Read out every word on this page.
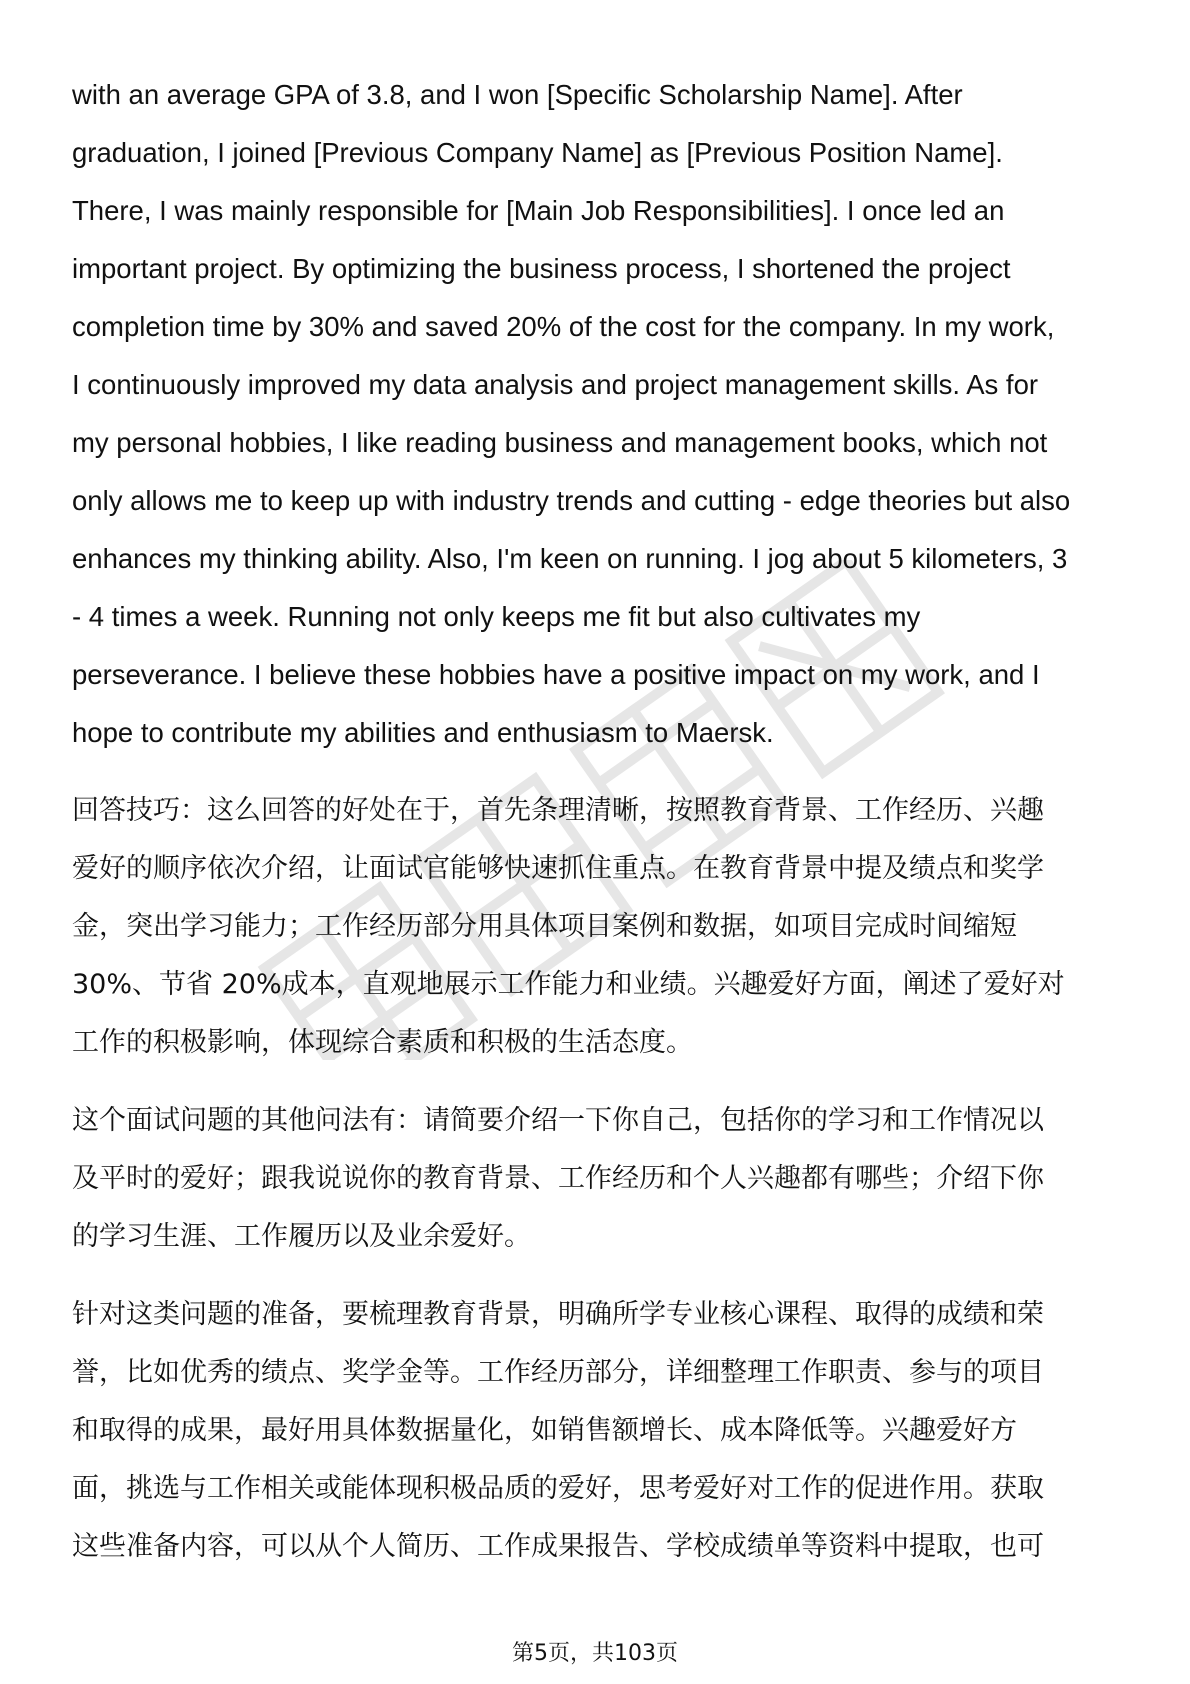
with an average GPA of 3.8, and I won [Specific Scholarship Name]. After
graduation, I joined [Previous Company Name] as [Previous Position Name].
There, I was mainly responsible for [Main Job Responsibilities]. I once led an
important project. By optimizing the business process, I shortened the project
completion time by 30% and saved 20% of the cost for the company. In my work,
I continuously improved my data analysis and project management skills. As for
my personal hobbies, I like reading business and management books, which not
only allows me to keep up with industry trends and cutting - edge theories but also
enhances my thinking ability. Also, I'm keen on running. I jog about 5 kilometers, 3
- 4 times a week. Running not only keeps me fit but also cultivates my
perseverance. I believe these hobbies have a positive impact on my work, and I
hope to contribute my abilities and enthusiasm to Maersk.

回答技巧：这么回答的好处在于，首先条理清晰，按照教育背景、工作经历、兴趣
爱好的顺序依次介绍，让面试官能够快速抓住重点。在教育背景中提及绩点和奖学
金，突出学习能力；工作经历部分用具体项目案例和数据，如项目完成时间缩短
30%、节省 20%成本，直观地展示工作能力和业绩。兴趣爱好方面，阐述了爱好对
工作的积极影响，体现综合素质和积极的生活态度。

这个面试问题的其他问法有：请简要介绍一下你自己，包括你的学习和工作情况以
及平时的爱好；跟我说说你的教育背景、工作经历和个人兴趣都有哪些；介绍下你
的学习生涯、工作履历以及业余爱好。

针对这类问题的准备，要梳理教育背景，明确所学专业核心课程、取得的成绩和荣
誉，比如优秀的绩点、奖学金等。工作经历部分，详细整理工作职责、参与的项目
和取得的成果，最好用具体数据量化，如销售额增长、成本降低等。兴趣爱好方
面，挑选与工作相关或能体现积极品质的爱好，思考爱好对工作的促进作用。获取
这些准备内容，可以从个人简历、工作成果报告、学校成绩单等资料中提取，也可

第5页，共103页
